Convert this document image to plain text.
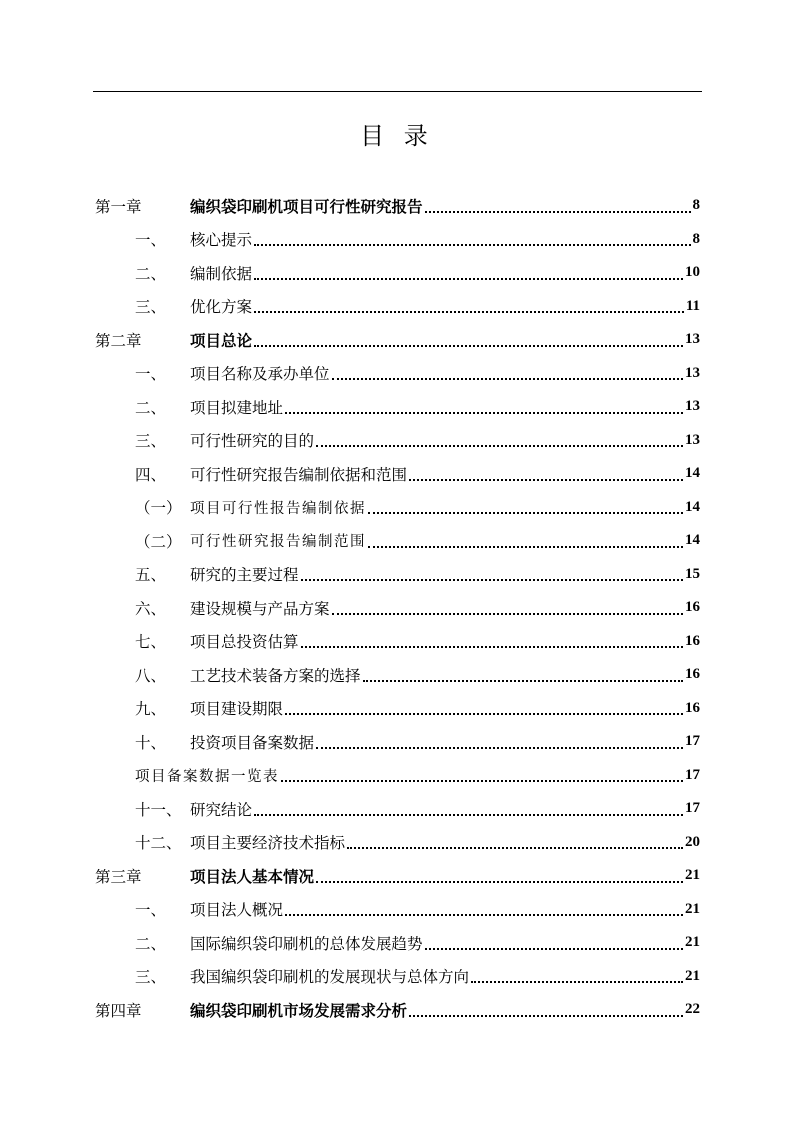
目 录
第一章	编织袋印刷机项目可行性研究报告	8
一、	核心提示	8
二、	编制依据	10
三、	优化方案	11
第二章	项目总论	13
一、	项目名称及承办单位	13
二、	项目拟建地址	13
三、	可行性研究的目的	13
四、	可行性研究报告编制依据和范围	14
（一） 项目可行性报告编制依据	14
（二） 可行性研究报告编制范围	14
五、	研究的主要过程	15
六、	建设规模与产品方案	16
七、	项目总投资估算	16
八、	工艺技术装备方案的选择	16
九、	项目建设期限	16
十、	投资项目备案数据	17
项目备案数据一览表	17
十一、 研究结论	17
十二、 项目主要经济技术指标	20
第三章	项目法人基本情况	21
一、	项目法人概况	21
二、	国际编织袋印刷机的总体发展趋势	21
三、	我国编织袋印刷机的发展现状与总体方向	21
第四章	编织袋印刷机市场发展需求分析	22
